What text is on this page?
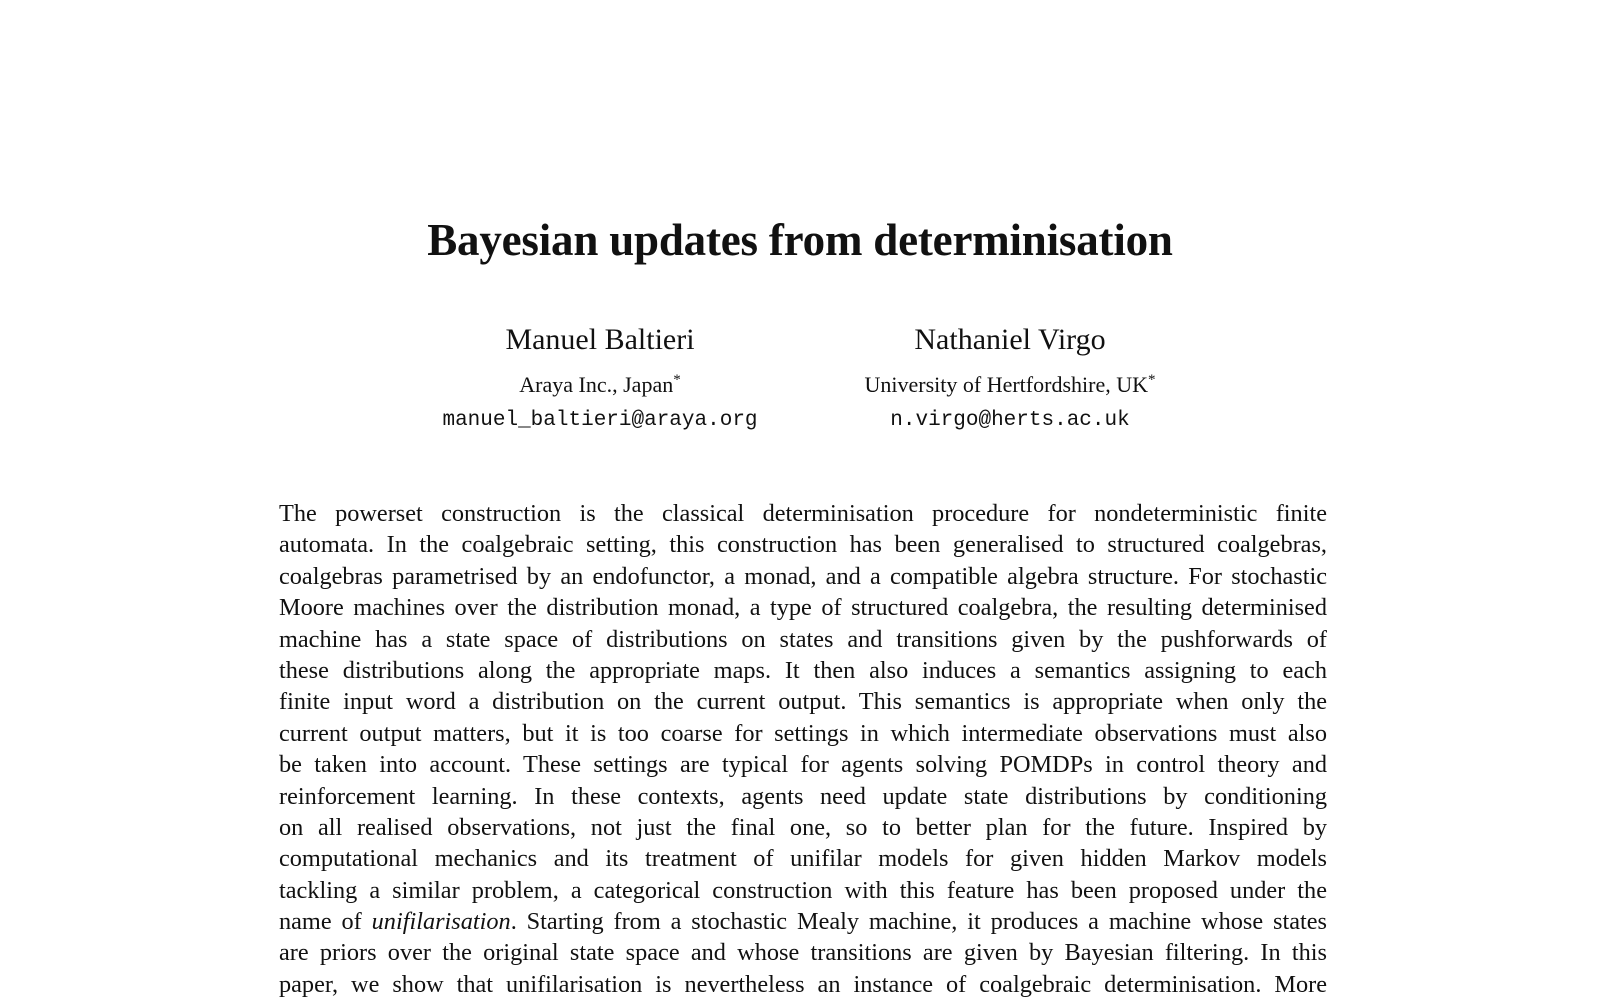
Bayesian updates from determinisation
Manuel Baltieri
Araya Inc., Japan*
manuel_baltieri@araya.org
Nathaniel Virgo
University of Hertfordshire, UK*
n.virgo@herts.ac.uk
The powerset construction is the classical determinisation procedure for nondeterministic finite
automata. In the coalgebraic setting, this construction has been generalised to structured coalgebras,
coalgebras parametrised by an endofunctor, a monad, and a compatible algebra structure. For stochastic
Moore machines over the distribution monad, a type of structured coalgebra, the resulting determinised
machine has a state space of distributions on states and transitions given by the pushforwards of
these distributions along the appropriate maps. It then also induces a semantics assigning to each
finite input word a distribution on the current output. This semantics is appropriate when only the
current output matters, but it is too coarse for settings in which intermediate observations must also
be taken into account. These settings are typical for agents solving POMDPs in control theory and
reinforcement learning. In these contexts, agents need update state distributions by conditioning
on all realised observations, not just the final one, so to better plan for the future. Inspired by
computational mechanics and its treatment of unifilar models for given hidden Markov models
tackling a similar problem, a categorical construction with this feature has been proposed under the
name of unifilarisation. Starting from a stochastic Mealy machine, it produces a machine whose states
are priors over the original state space and whose transitions are given by Bayesian filtering. In this
paper, we show that unifilarisation is nevertheless an instance of coalgebraic determinisation. More
